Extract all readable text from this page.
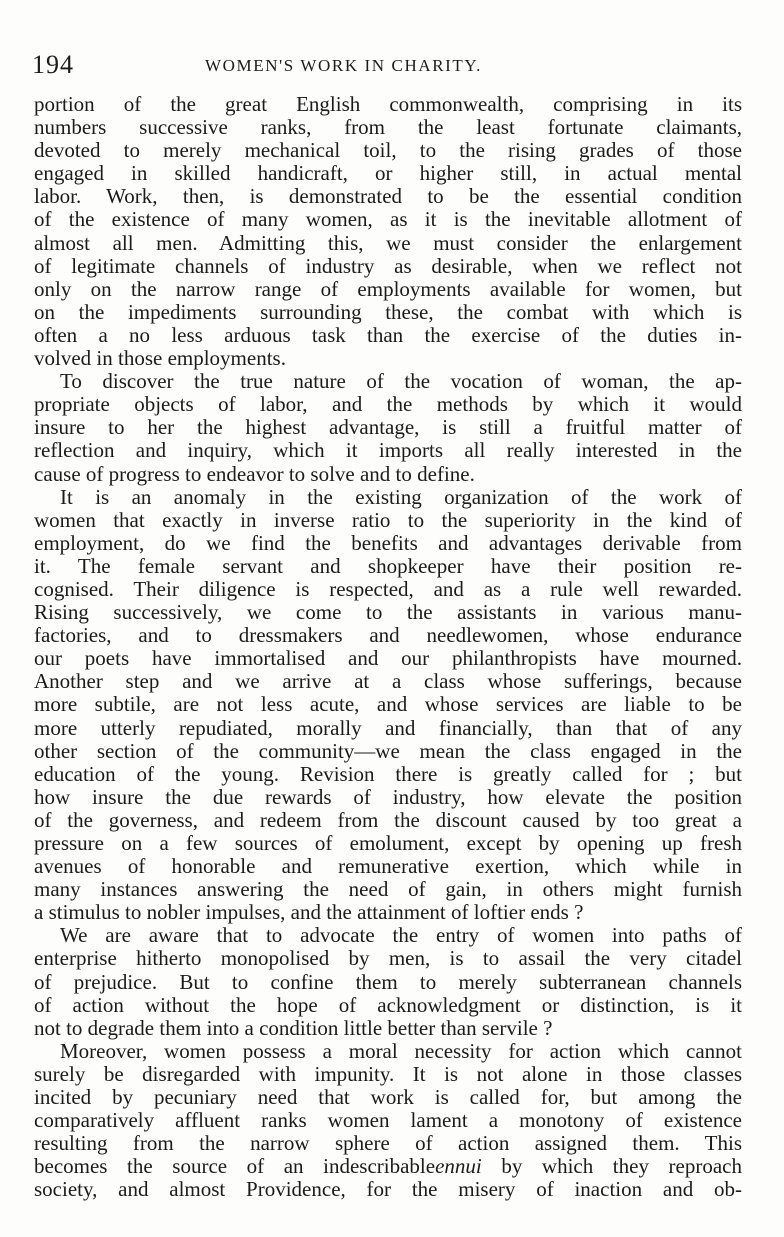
194	WOMEN'S WORK IN CHARITY.
portion of the great English commonwealth, comprising in its
numbers successive ranks, from the least fortunate claimants,
devoted to merely mechanical toil, to the rising grades of those
engaged in skilled handicraft, or higher still, in actual mental
labor. Work, then, is demonstrated to be the essential condition
of the existence of many women, as it is the inevitable allotment of
almost all men. Admitting this, we must consider the enlargement
of legitimate channels of industry as desirable, when we reflect not
only on the narrow range of employments available for women, but
on the impediments surrounding these, the combat with which is
often a no less arduous task than the exercise of the duties in-
volved in those employments.
To discover the true nature of the vocation of woman, the ap-
propriate objects of labor, and the methods by which it would
insure to her the highest advantage, is still a fruitful matter of
reflection and inquiry, which it imports all really interested in the
cause of progress to endeavor to solve and to define.
It is an anomaly in the existing organization of the work of
women that exactly in inverse ratio to the superiority in the kind of
employment, do we find the benefits and advantages derivable from
it. The female servant and shopkeeper have their position re-
cognised. Their diligence is respected, and as a rule well rewarded.
Rising successively, we come to the assistants in various manu-
factories, and to dressmakers and needlewomen, whose endurance
our poets have immortalised and our philanthropists have mourned.
Another step and we arrive at a class whose sufferings, because
more subtile, are not less acute, and whose services are liable to be
more utterly repudiated, morally and financially, than that of any
other section of the community—we mean the class engaged in the
education of the young. Revision there is greatly called for ; but
how insure the due rewards of industry, how elevate the position
of the governess, and redeem from the discount caused by too great a
pressure on a few sources of emolument, except by opening up fresh
avenues of honorable and remunerative exertion, which while in
many instances answering the need of gain, in others might furnish
a stimulus to nobler impulses, and the attainment of loftier ends ?
We are aware that to advocate the entry of women into paths of
enterprise hitherto monopolised by men, is to assail the very citadel
of prejudice. But to confine them to merely subterranean channels
of action without the hope of acknowledgment or distinction, is it
not to degrade them into a condition little better than servile ?
Moreover, women possess a moral necessity for action which cannot
surely be disregarded with impunity. It is not alone in those classes
incited by pecuniary need that work is called for, but among the
comparatively affluent ranks women lament a monotony of existence
resulting from the narrow sphere of action assigned them. This
becomes the source of an indescribableennui by which they reproach
society, and almost Providence, for the misery of inaction and ob-
